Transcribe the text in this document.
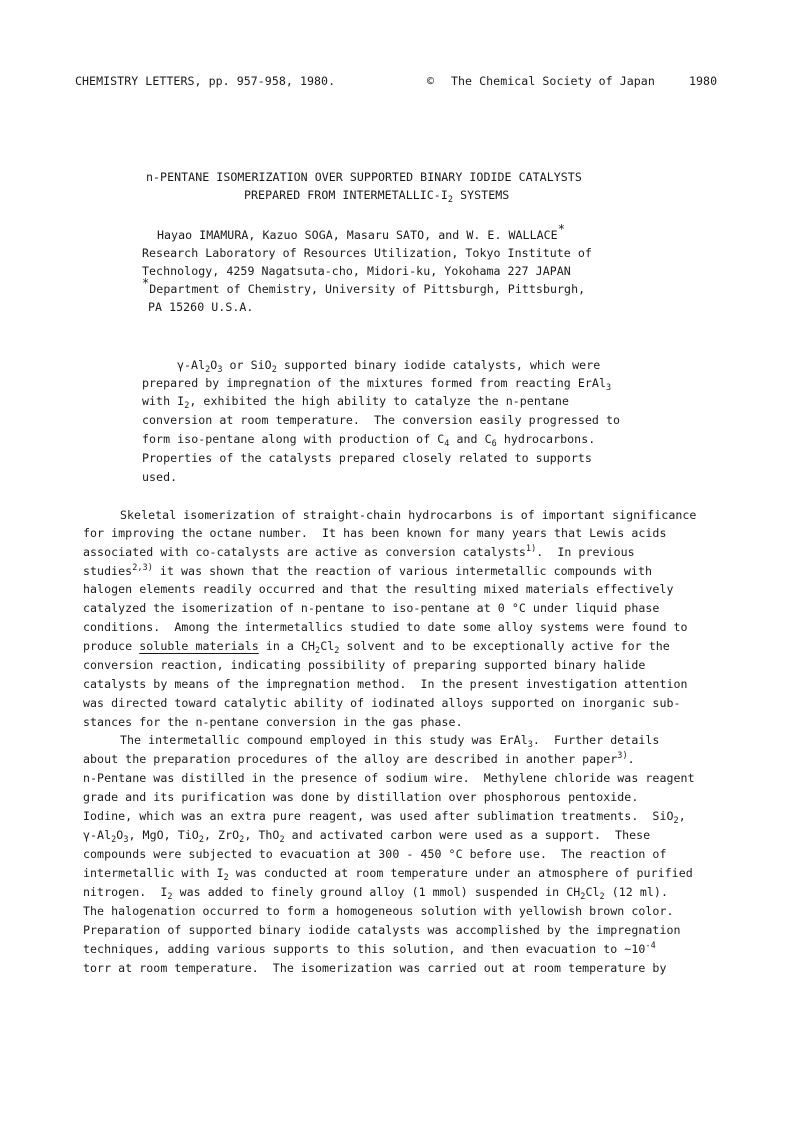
CHEMISTRY LETTERS, pp. 957-958, 1980.	© The Chemical Society of Japan	1980
n-PENTANE ISOMERIZATION OVER SUPPORTED BINARY IODIDE CATALYSTS
PREPARED FROM INTERMETALLIC-$I_2$ SYSTEMS
Hayao IMAMURA, Kazuo SOGA, Masaru SATO, and W. E. WALLACE*
Research Laboratory of Resources Utilization, Tokyo Institute of
Technology, 4259 Nagatsuta-cho, Midori-ku, Yokohama 227 JAPAN
*Department of Chemistry, University of Pittsburgh, Pittsburgh,
PA 15260 U.S.A.
$\gamma-Al_2O_3$ or SiO$_2$ supported binary iodide catalysts, which were
prepared by impregnation of the mixtures formed from reacting ErAl$_3$
with $I_2$, exhibited the high ability to catalyze the n-pentane
conversion at room temperature.  The conversion easily progressed to
form iso-pentane along with production of $C_4$ and $C_6$ hydrocarbons.
Properties of the catalysts prepared closely related to supports
used.
Skeletal isomerization of straight-chain hydrocarbons is of important significance
for improving the octane number.  It has been known for many years that Lewis acids
associated with co-catalysts are active as conversion catalysts$^{1)}$.  In previous
studies$^{2,3)}$ it was shown that the reaction of various intermetallic compounds with
halogen elements readily occurred and that the resulting mixed materials effectively
catalyzed the isomerization of n-pentane to iso-pentane at 0 °C under liquid phase
conditions.  Among the intermetallics studied to date some alloy systems were found to
produce soluble materials in a $CH_2Cl_2$ solvent and to be exceptionally active for the
conversion reaction, indicating possibility of preparing supported binary halide
catalysts by means of the impregnation method.  In the present investigation attention
was directed toward catalytic ability of iodinated alloys supported on inorganic sub-
stances for the n-pentane conversion in the gas phase.
The intermetallic compound employed in this study was ErAl$_3$.  Further details
about the preparation procedures of the alloy are described in another paper$^{3)}$.
n-Pentane was distilled in the presence of sodium wire.  Methylene chloride was reagent
grade and its purification was done by distillation over phosphorous pentoxide.
Iodine, which was an extra pure reagent, was used after sublimation treatments.  SiO$_2$,
$\gamma-Al_2O_3$, MgO, TiO$_2$, ZrO$_2$, ThO$_2$ and activated carbon were used as a support.  These
compounds were subjected to evacuation at 300 - 450 °C before use.  The reaction of
intermetallic with $I_2$ was conducted at room temperature under an atmosphere of purified
nitrogen.  $I_2$ was added to finely ground alloy (1 mmol) suspended in $CH_2Cl_2$ (12 ml).
The halogenation occurred to form a homogeneous solution with yellowish brown color.
Preparation of supported binary iodide catalysts was accomplished by the impregnation
techniques, adding various supports to this solution, and then evacuation to $\sim 10^{-4}$
torr at room temperature.  The isomerization was carried out at room temperature by
